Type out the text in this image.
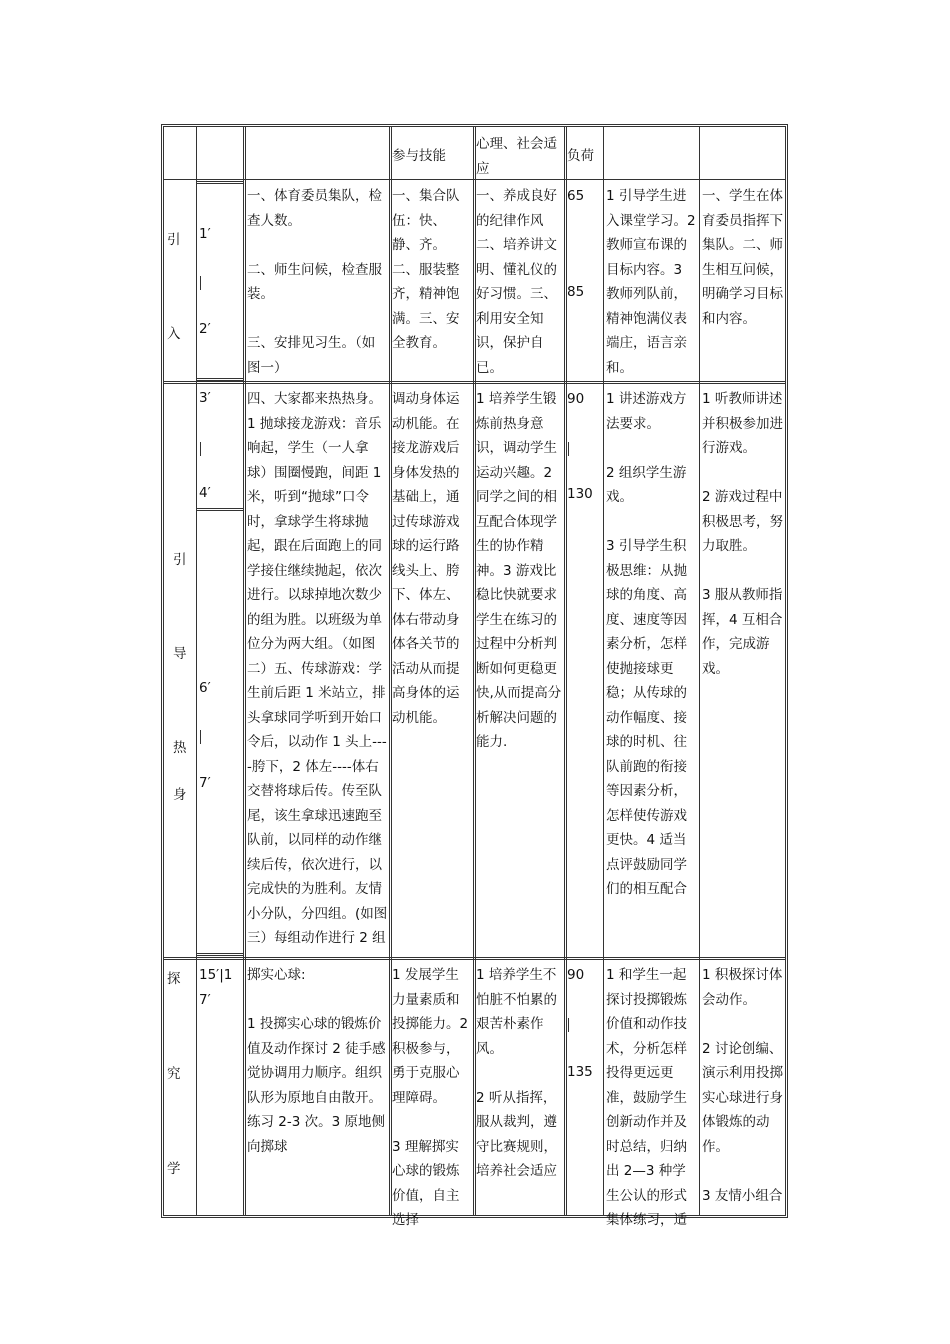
参与技能
心理、社会适应
负荷
引
入
1′
2′
一、体育委员集队，检查人数。
二、师生问候，检查服装。
三、安排见习生。（如图一）
一、集合队伍：快、静、齐。二、服装整齐，精神饱满。三、安全教育。
一、养成良好的纪律作风二、培养讲文明、懂礼仪的好习惯。三、利用安全知识，保护自已。
65
85
1 引导学生进入课堂学习。2 教师宣布课的目标内容。3 教师列队前，精神饱满仪表端庄，语言亲和。
一、学生在体育委员指挥下集队。二、师生相互问候，明确学习目标和内容。
引
导
热
身
3′
4′
6′
7′
四、大家都来热热身。1 抛球接龙游戏：音乐响起，学生（一人拿球）围圈慢跑，间距 1 米，听到“抛球”口令时，拿球学生将球抛起，跟在后面跑上的同学接住继续抛起，依次进行。以球掉地次数少的组为胜。以班级为单位分为两大组。（如图二）五、传球游戏：学生前后距 1 米站立，排头拿球同学听到开始口令后，以动作 1 头上----胯下，2 体左----体右交替将球后传。传至队尾，该生拿球迅速跑至队前，以同样的动作继续后传，依次进行，以完成快的为胜利。友情小分队，分四组。(如图三）每组动作进行 2 组
调动身体运动机能。在接龙游戏后身体发热的基础上，通过传球游戏球的运行路线头上、胯下、体左、体右带动身体各关节的活动从而提高身体的运动机能。
1 培养学生锻炼前热身意识，调动学生运动兴趣。2 同学之间的相互配合体现学生的协作精神。3 游戏比稳比快就要求学生在练习的过程中分析判断如何更稳更快,从而提高分析解决问题的能力.
90
130
1 讲述游戏方法要求。
2 组织学生游戏。
3 引导学生积极思维：从抛球的角度、高度、速度等因素分析，怎样使抛接球更稳；从传球的动作幅度、接球的时机、往队前跑的衔接等因素分析，怎样使传游戏更快。4 适当点评鼓励同学们的相互配合
1 听教师讲述并积极参加进行游戏。
2 游戏过程中积极思考，努力取胜。
3 服从教师指挥，4 互相合作，完成游戏。
探
究
学
15′|17′
掷实心球:
1 投掷实心球的锻炼价值及动作探讨 2 徒手感觉协调用力顺序。组织队形为原地自由散开。练习 2-3 次。3 原地侧向掷球
1 发展学生力量素质和投掷能力。2 积极参与，勇于克服心理障碍。
3 理解掷实心球的锻炼价值，自主选择
1 培养学生不怕脏不怕累的艰苦朴素作风。
2 听从指挥，服从裁判，遵守比赛规则，培养社会适应
90
135
1 和学生一起探讨投掷锻炼价值和动作技术，分析怎样投得更远更准，鼓励学生创新动作并及时总结，归纳出 2—3 种学生公认的形式集体练习，适
1 积极探讨体会动作。
2 讨论创编、演示利用投掷实心球进行身体锻炼的动作。
3 友情小组合
